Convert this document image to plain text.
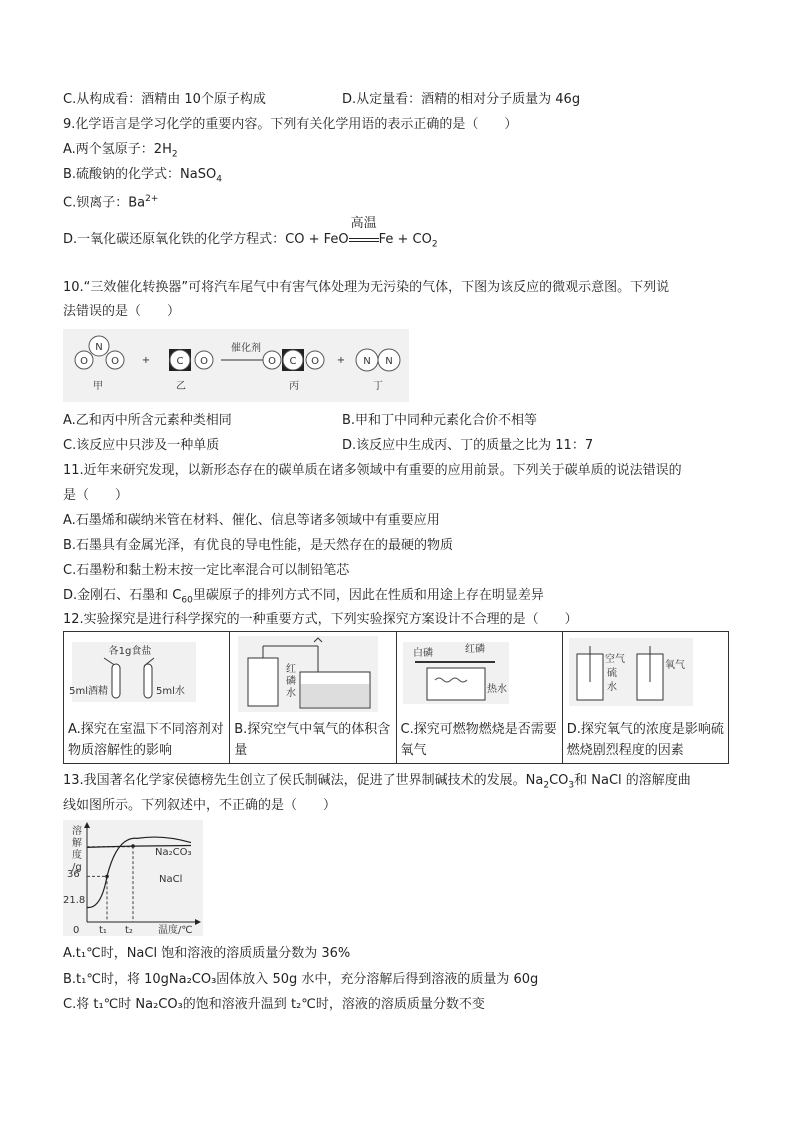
C.从构成看：酒精由 10个原子构成	D.从定量看：酒精的相对分子质量为 46g
9.化学语言是学习化学的重要内容。下列有关化学用语的表示正确的是（　　）
A.两个氢原子：$2H_2$
B.硫酸钠的化学式：NaSO$_4$
C.钡离子：$Ba^{2+}$
D.一氧化碳还原氧化铁的化学方程式：CO + FeO
高温
$Fe + CO_2$
10.“三效催化转换器”可将汽车尾气中有害气体处理为无污染的气体，下图为该反应的微观示意图。下列说
法错误的是（　　）
O O
N
甲
+	C O
乙
催化剂
O C O
丙
+ N N
丁
A.乙和丙中所含元素种类相同	B.甲和丁中同种元素化合价不相等
C.该反应中只涉及一种单质	D.该反应中生成丙、丁的质量之比为 11：7
11.近年来研究发现，以新形态存在的碳单质在诸多领域中有重要的应用前景。下列关于碳单质的说法错误的
是（　　）
A.石墨烯和碳纳米管在材料、催化、信息等诸多领域中有重要应用
B.石墨具有金属光泽，有优良的导电性能，是天然存在的最硬的物质
C.石墨粉和黏土粉末按一定比率混合可以制铅笔芯
D.金刚石、石墨和 $C_{60}$里碳原子的排列方式不同，因此在性质和用途上存在明显差异
12.实验探究是进行科学探究的一种重要方式，下列实验探究方案设计不合理的是（　　）
各1g食盐
5ml酒精	5ml水
A.探究在室温下不同溶剂对物质溶解性的影响

红
磷
水
B.探究空气中氧气的体积含量

白磷	红磷
热水
C.探究可燃物燃烧是否需要氧气

空气
硫
水
氧气
D.探究氧气的浓度是影响硫燃烧剧烈程度的因素
13.我国著名化学家侯德榜先生创立了侯氏制碱法，促进了世界制碱技术的发展。$Na_2CO_3$和 NaCl 的溶解度曲
线如图所示。下列叙述中，不正确的是（　　）
溶
解
度
/g
温度/℃
0 t₁ t₂
36
21.8
Na₂CO₃
NaCl
A.t₁℃时，NaCl 饱和溶液的溶质质量分数为 36%
B.t₁℃时，将 10gNa₂CO₃固体放入 50g 水中，充分溶解后得到溶液的质量为 60g
C.将 t₁℃时 Na₂CO₃的饱和溶液升温到 t₂℃时，溶液的溶质质量分数不变
